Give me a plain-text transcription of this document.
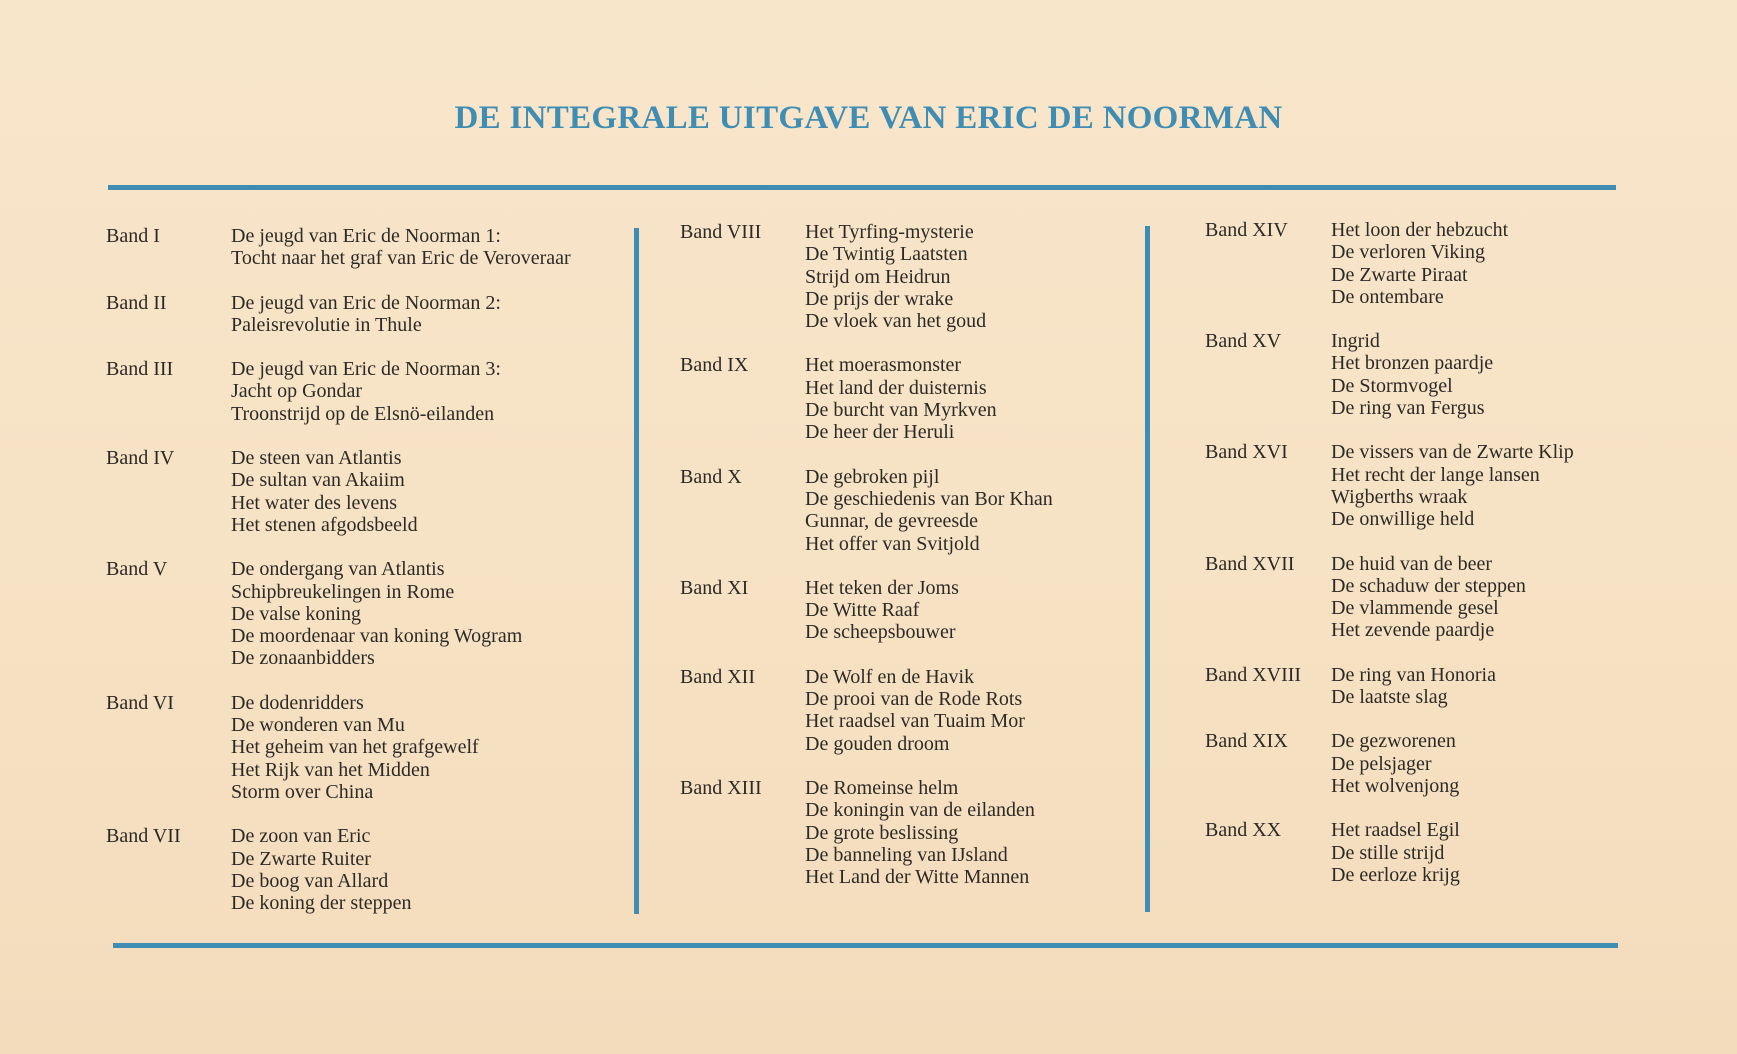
DE INTEGRALE UITGAVE VAN ERIC DE NOORMAN
Band I	De jeugd van Eric de Noorman 1:
Tocht naar het graf van Eric de Veroveraar
Band II	De jeugd van Eric de Noorman 2:
Paleisrevolutie in Thule
Band III	De jeugd van Eric de Noorman 3:
Jacht op Gondar
Troonstrijd op de Elsnö-eilanden
Band IV	De steen van Atlantis
De sultan van Akaiim
Het water des levens
Het stenen afgodsbeeld
Band V	De ondergang van Atlantis
Schipbreukelingen in Rome
De valse koning
De moordenaar van koning Wogram
De zonaanbidders
Band VI	De dodenridders
De wonderen van Mu
Het geheim van het grafgewelf
Het Rijk van het Midden
Storm over China
Band VII	De zoon van Eric
De Zwarte Ruiter
De boog van Allard
De koning der steppen
Band VIII	Het Tyrfing-mysterie
De Twintig Laatsten
Strijd om Heidrun
De prijs der wrake
De vloek van het goud
Band IX	Het moerasmonster
Het land der duisternis
De burcht van Myrkven
De heer der Heruli
Band X	De gebroken pijl
De geschiedenis van Bor Khan
Gunnar, de gevreesde
Het offer van Svitjold
Band XI	Het teken der Joms
De Witte Raaf
De scheepsbouwer
Band XII	De Wolf en de Havik
De prooi van de Rode Rots
Het raadsel van Tuaim Mor
De gouden droom
Band XIII	De Romeinse helm
De koningin van de eilanden
De grote beslissing
De banneling van IJsland
Het Land der Witte Mannen
Band XIV	Het loon der hebzucht
De verloren Viking
De Zwarte Piraat
De ontembare
Band XV	Ingrid
Het bronzen paardje
De Stormvogel
De ring van Fergus
Band XVI	De vissers van de Zwarte Klip
Het recht der lange lansen
Wigberths wraak
De onwillige held
Band XVII	De huid van de beer
De schaduw der steppen
De vlammende gesel
Het zevende paardje
Band XVIII	De ring van Honoria
De laatste slag
Band XIX	De gezworenen
De pelsjager
Het wolvenjong
Band XX	Het raadsel Egil
De stille strijd
De eerloze krijg
